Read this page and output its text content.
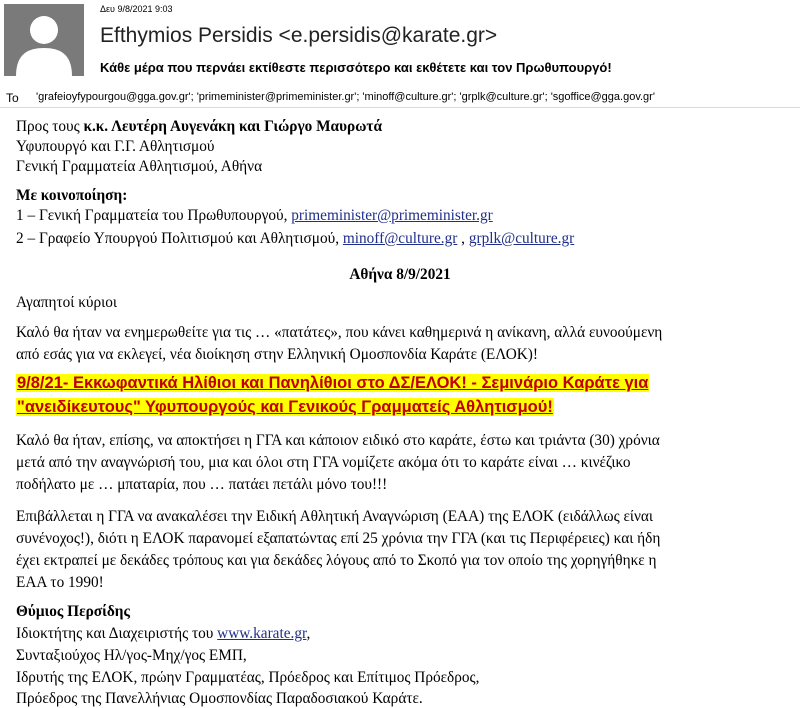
Δευ 9/8/2021 9:03
Efthymios Persidis <e.persidis@karate.gr>
Κάθε μέρα που περνάει εκτίθεστε περισσότερο και εκθέτετε και τον Πρωθυπουργό!
To 'grafeioyfypourgou@gga.gov.gr'; 'primeminister@primeminister.gr'; 'minoff@culture.gr'; 'grplk@culture.gr'; 'sgoffice@gga.gov.gr'
Προς τους κ.κ. Λευτέρη Αυγενάκη και Γιώργο Μαυρωτά
Υφυπουργό και Γ.Γ. Αθλητισμού
Γενική Γραμματεία Αθλητισμού, Αθήνα
Με κοινοποίηση:
1 – Γενική Γραμματεία του Πρωθυπουργού, primeminister@primeminister.gr
2 – Γραφείο Υπουργού Πολιτισμού και Αθλητισμού, minoff@culture.gr , grplk@culture.gr
Αθήνα 8/9/2021
Αγαπητοί κύριοι
Καλό θα ήταν να ενημερωθείτε για τις … «πατάτες», που κάνει καθημερινά η ανίκανη, αλλά ευνοούμενη
από εσάς για να εκλεγεί, νέα διοίκηση στην Ελληνική Ομοσπονδία Καράτε (ΕΛΟΚ)!
9/8/21- Εκκωφαντικά Ηλίθιοι και Πανηλίθιοι στο ΔΣ/ΕΛΟΚ! - Σεμινάριο Καράτε για
"ανειδίκευτους" Υφυπουργούς και Γενικούς Γραμματείς Αθλητισμού!
Καλό θα ήταν, επίσης, να αποκτήσει η ΓΓΑ και κάποιον ειδικό στο καράτε, έστω και τριάντα (30) χρόνια
μετά από την αναγνώρισή του, μια και όλοι στη ΓΓΑ νομίζετε ακόμα ότι το καράτε είναι … κινέζικο
ποδήλατο με … μπαταρία, που … πατάει πετάλι μόνο του!!!
Επιβάλλεται η ΓΓΑ να ανακαλέσει την Ειδική Αθλητική Αναγνώριση (ΕΑΑ) της ΕΛΟΚ (ειδάλλως είναι
συνένοχος!), διότι η ΕΛΟΚ παρανομεί εξαπατώντας επί 25 χρόνια την ΓΓΑ (και τις Περιφέρειες) και ήδη
έχει εκτραπεί με δεκάδες τρόπους και για δεκάδες λόγους από το Σκοπό για τον οποίο της χορηγήθηκε η
ΕΑΑ το 1990!
Θύμιος Περσίδης
Ιδιοκτήτης και Διαχειριστής του www.karate.gr,
Συνταξιούχος Ηλ/γος-Μηχ/γος ΕΜΠ,
Ιδρυτής της ΕΛΟΚ, πρώην Γραμματέας, Πρόεδρος και Επίτιμος Πρόεδρος,
Πρόεδρος της Πανελλήνιας Ομοσπονδίας Παραδοσιακού Καράτε.
